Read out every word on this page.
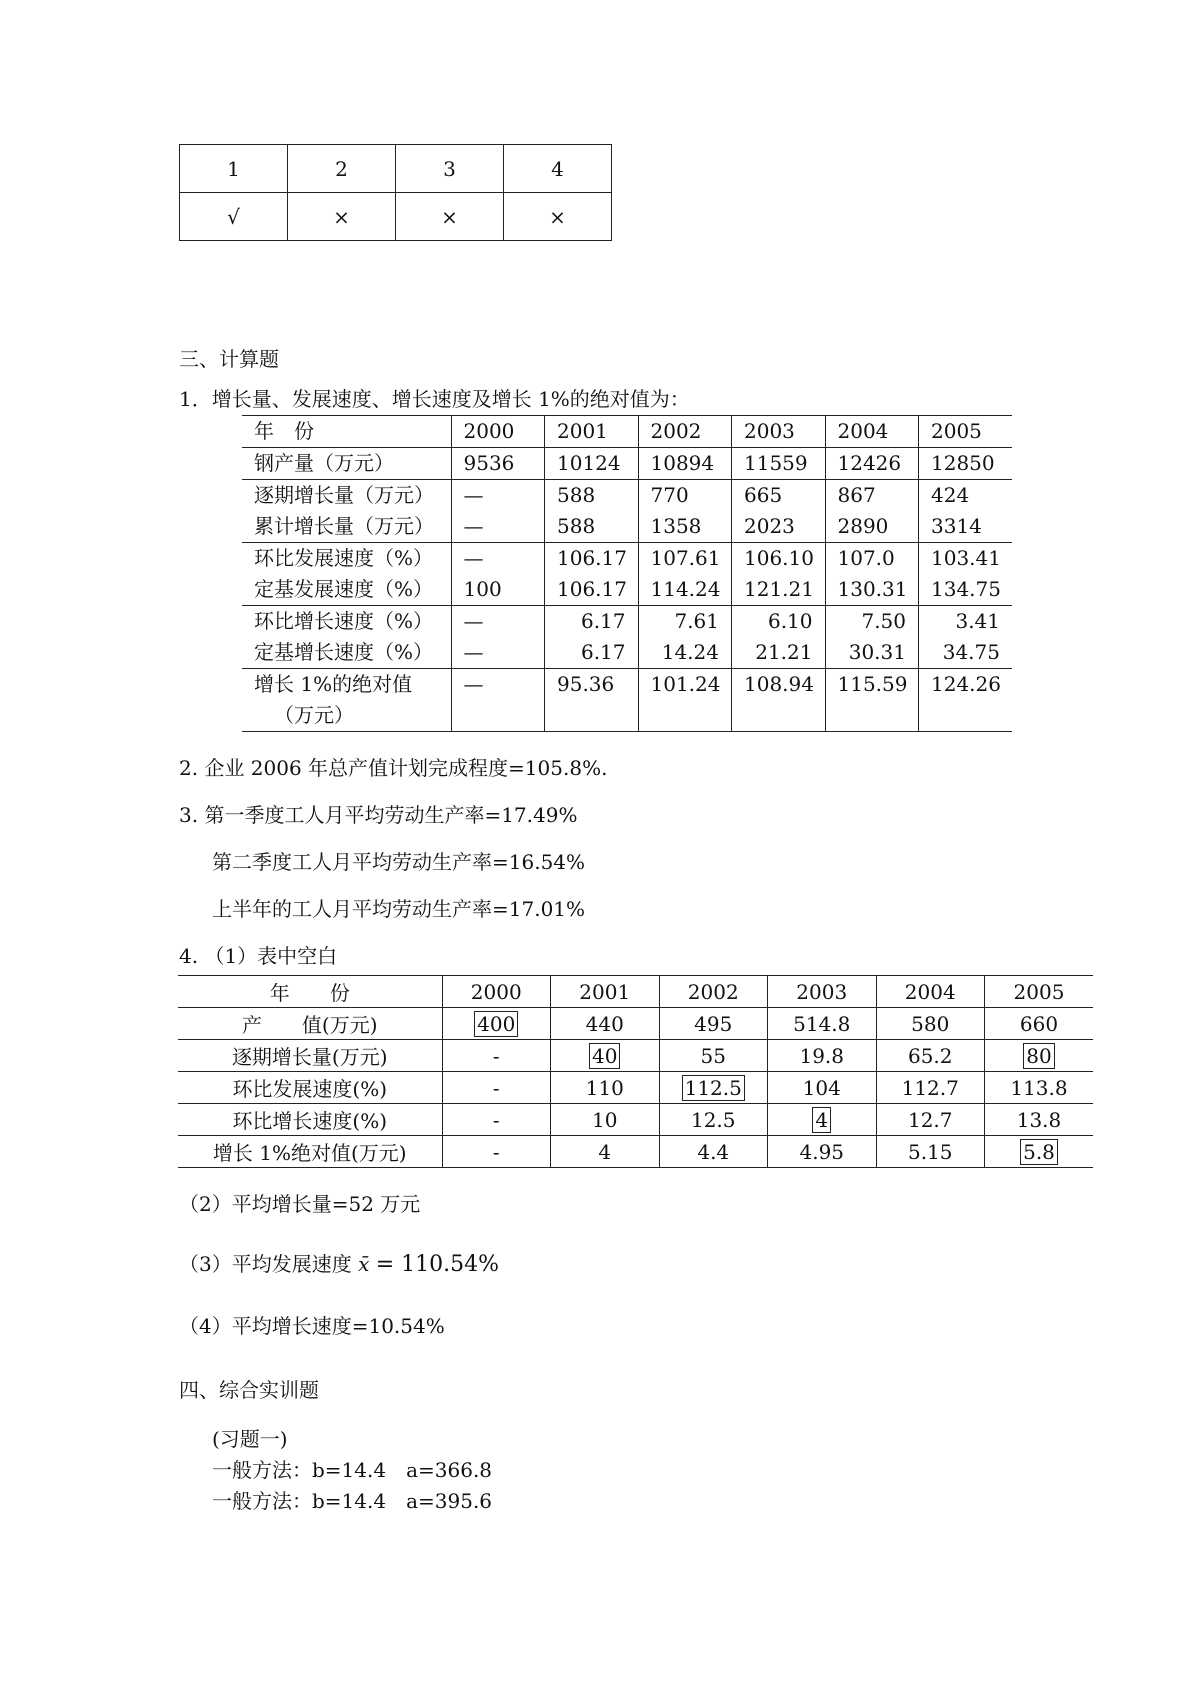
1	2	3	4
√	×	×	×
三、计算题
1．增长量、发展速度、增长速度及增长 1%的绝对值为：
年　份	2000	2001	2002	2003	2004	2005
钢产量（万元）	9536	10124	10894	11559	12426	12850
逐期增长量（万元）	—	588	770	665	867	424
累计增长量（万元）	—	588	1358	2023	2890	3314
环比发展速度（%）	—	106.17	107.61	106.10	107.0	103.41
定基发展速度（%）	100	106.17	114.24	121.21	130.31	134.75
环比增长速度（%）	—	6.17	7.61	6.10	7.50	3.41
定基增长速度（%）	—	6.17	14.24	21.21	30.31	34.75
增长 1%的绝对值
（万元）	—	95.36	101.24	108.94	115.59	124.26
2. 企业 2006 年总产值计划完成程度=105.8%.
3. 第一季度工人月平均劳动生产率=17.49%
第二季度工人月平均劳动生产率=16.54%
上半年的工人月平均劳动生产率=17.01%
4. （1）表中空白
年　　份	2000	2001	2002	2003	2004	2005
产　　值(万元)	400	440	495	514.8	580	660
逐期增长量(万元)	-	40	55	19.8	65.2	80
环比发展速度(%)	-	110	112.5	104	112.7	113.8
环比增长速度(%)	-	10	12.5	4	12.7	13.8
增长 1%绝对值(万元)	-	4	4.4	4.95	5.15	5.8
（2）平均增长量=52 万元
（3）平均发展速度 x̄ = 110.54%
（4）平均增长速度=10.54%
四、综合实训题
(习题一)
一般方法：b=14.4　a=366.8
一般方法：b=14.4　a=395.6
